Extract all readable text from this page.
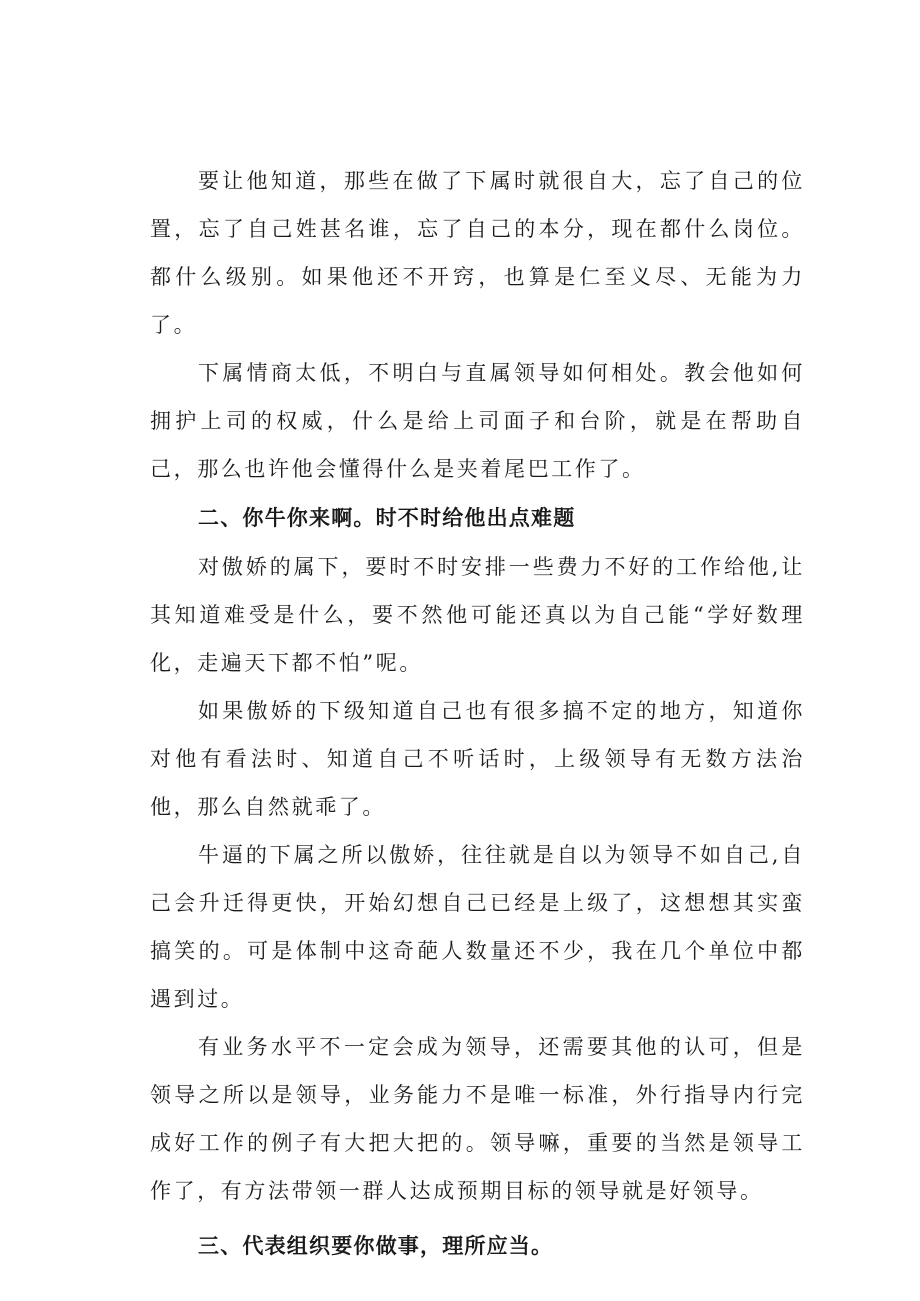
要让他知道，那些在做了下属时就很自大，忘了自己的位置，忘了自己姓甚名谁，忘了自己的本分，现在都什么岗位。都什么级别。如果他还不开窍，也算是仁至义尽、无能为力了。

下属情商太低，不明白与直属领导如何相处。教会他如何拥护上司的权威，什么是给上司面子和台阶，就是在帮助自己，那么也许他会懂得什么是夹着尾巴工作了。

二、你牛你来啊。时不时给他出点难题

对傲娇的属下，要时不时安排一些费力不好的工作给他,让其知道难受是什么，要不然他可能还真以为自己能“学好数理化，走遍天下都不怕”呢。

如果傲娇的下级知道自己也有很多搞不定的地方，知道你对他有看法时、知道自己不听话时，上级领导有无数方法治他，那么自然就乖了。

牛逼的下属之所以傲娇，往往就是自以为领导不如自己,自己会升迁得更快，开始幻想自己已经是上级了，这想想其实蛮搞笑的。可是体制中这奇葩人数量还不少，我在几个单位中都遇到过。

有业务水平不一定会成为领导，还需要其他的认可，但是领导之所以是领导，业务能力不是唯一标准，外行指导内行完成好工作的例子有大把大把的。领导嘛，重要的当然是领导工作了，有方法带领一群人达成预期目标的领导就是好领导。

三、代表组织要你做事，理所应当。
